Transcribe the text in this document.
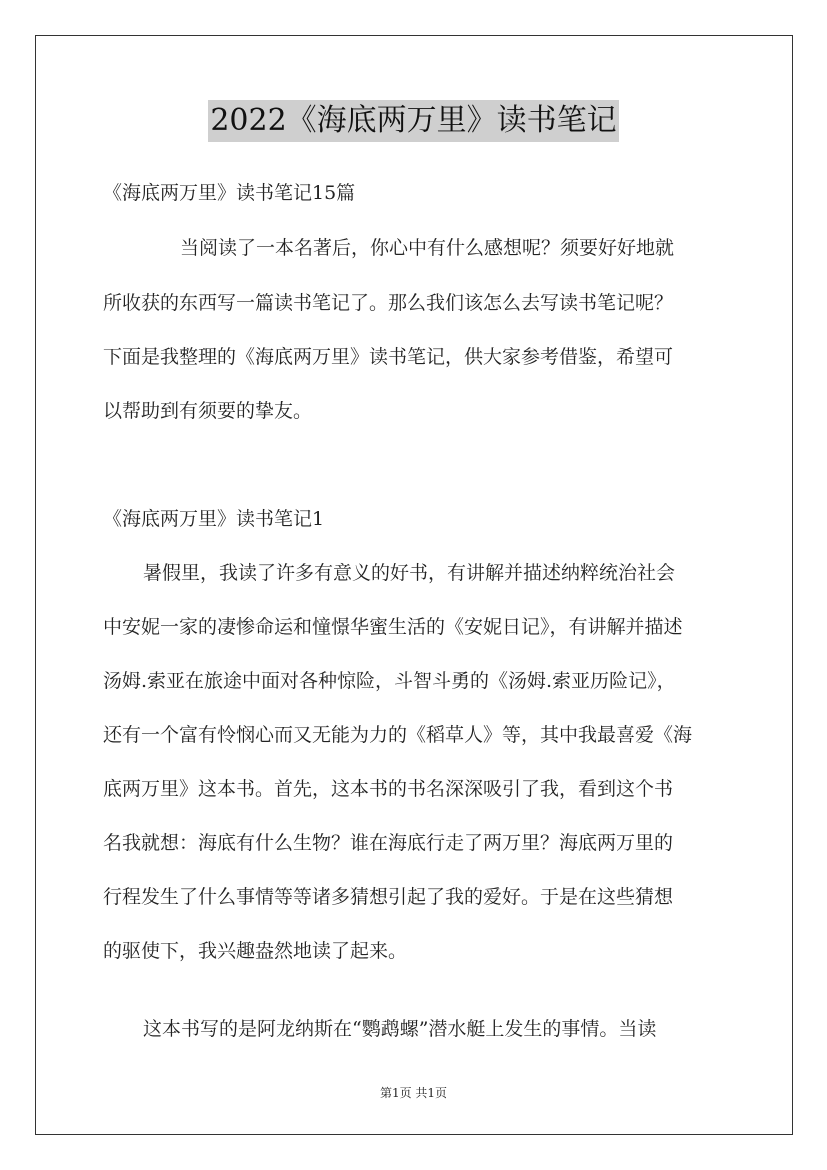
2022《海底两万里》读书笔记
《海底两万里》读书笔记15篇
当阅读了一本名著后，你心中有什么感想呢？须要好好地就
所收获的东西写一篇读书笔记了。那么我们该怎么去写读书笔记呢？
下面是我整理的《海底两万里》读书笔记，供大家参考借鉴，希望可
以帮助到有须要的挚友。
《海底两万里》读书笔记1
暑假里，我读了许多有意义的好书，有讲解并描述纳粹统治社会
中安妮一家的凄惨命运和憧憬华蜜生活的《安妮日记》，有讲解并描述
汤姆.索亚在旅途中面对各种惊险，斗智斗勇的《汤姆.索亚历险记》，
还有一个富有怜悯心而又无能为力的《稻草人》等，其中我最喜爱《海
底两万里》这本书。首先，这本书的书名深深吸引了我，看到这个书
名我就想：海底有什么生物？谁在海底行走了两万里？海底两万里的
行程发生了什么事情等等诸多猜想引起了我的爱好。于是在这些猜想
的驱使下，我兴趣盎然地读了起来。
这本书写的是阿龙纳斯在“鹦鹉螺”潜水艇上发生的事情。当读
第1页 共1页
